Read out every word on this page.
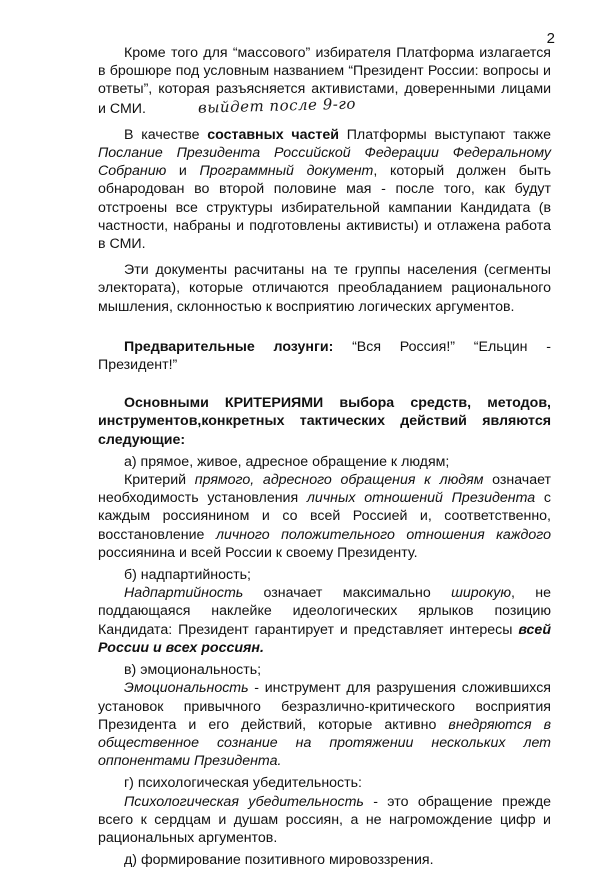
2

Кроме того для “массового” избирателя Платформа излагается в брошюре под условным названием “Президент России: вопросы и ответы”, которая разъясняется активистами, доверенными лицами и СМИ.	выйдет после 9-го

В качестве составных частей Платформы выступают также Послание Президента Российской Федерации Федеральному Собранию и Программный документ, который должен быть обнародован во второй половине мая - после того, как будут отстроены все структуры избирательной кампании Кандидата (в частности, набраны и подготовлены активисты) и отлажена работа в СМИ.

Эти документы расчитаны на те группы населения (сегменты электората), которые отличаются преобладанием рационального мышления, склонностью к восприятию логических аргументов.

Предварительные лозунги: “Вся Россия!” “Ельцин - Президент!”

Основными КРИТЕРИЯМИ выбора средств, методов, инструментов,конкретных тактических действий являются следующие:

а) прямое, живое, адресное обращение к людям;

Критерий прямого, адресного обращения к людям означает необходимость установления личных отношений Президента с каждым россиянином и со всей Россией и, соответственно, восстановление личного положительного отношения каждого россиянина и всей России к своему Президенту.

б) надпартийность;

Надпартийность означает максимально широкую, не поддающаяся наклейке идеологических ярлыков позицию Кандидата: Президент гарантирует и представляет интересы всей России и всех россиян.

в) эмоциональность;

Эмоциональность - инструмент для разрушения сложившихся установок привычного безразлично-критического восприятия Президента и его действий, которые активно внедряются в общественное сознание на протяжении нескольких лет оппонентами Президента.

г) психологическая убедительность:

Психологическая убедительность - это обращение прежде всего к сердцам и душам россиян, а не нагромождение цифр и рациональных аргументов.

д) формирование позитивного мировоззрения.
